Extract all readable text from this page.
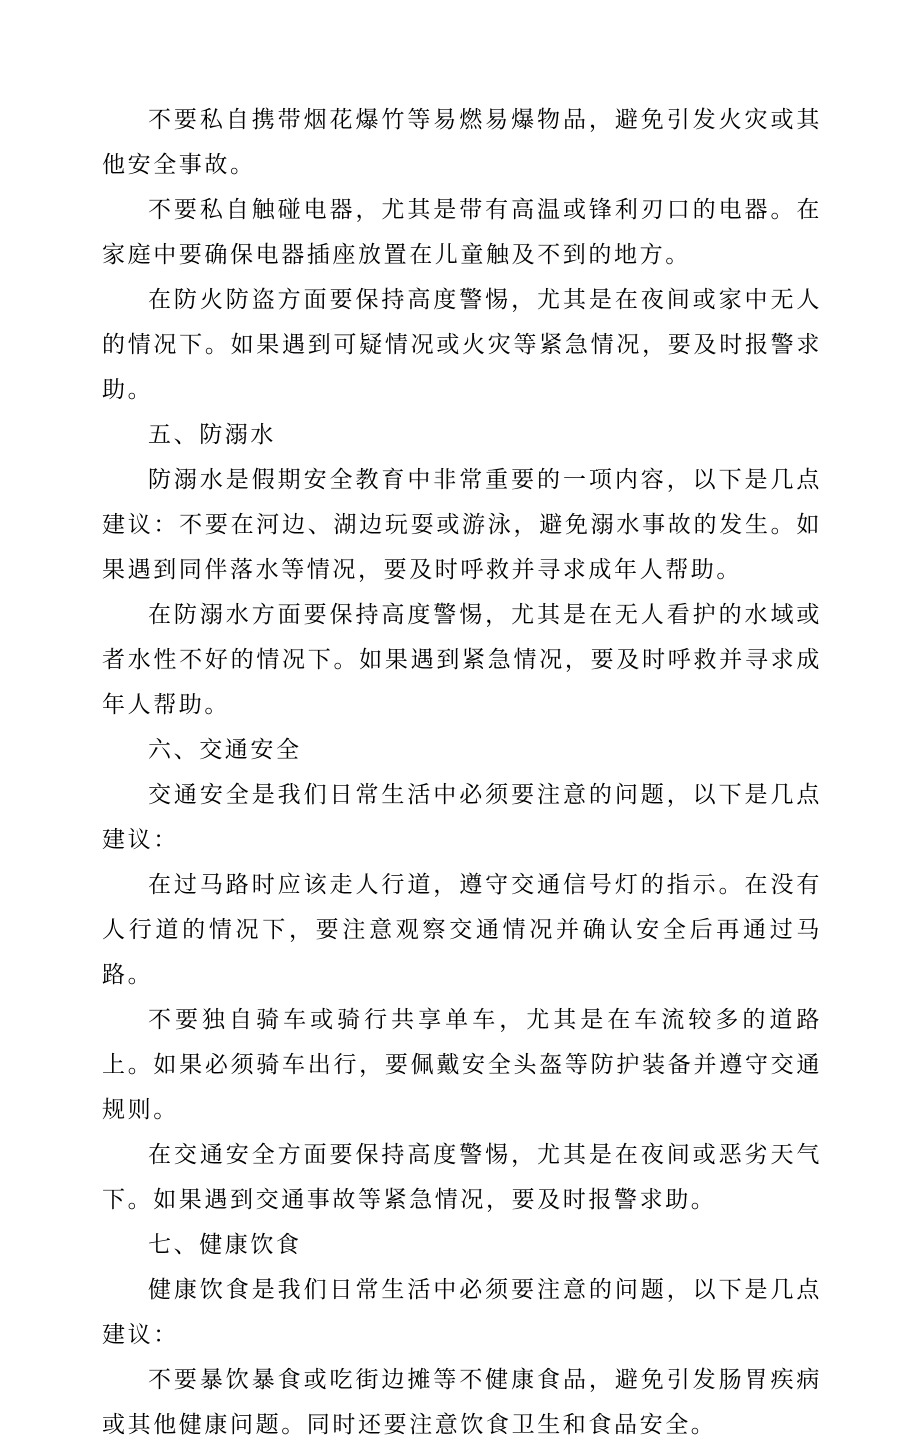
不要私自携带烟花爆竹等易燃易爆物品，避免引发火灾或其他安全事故。

不要私自触碰电器，尤其是带有高温或锋利刃口的电器。在家庭中要确保电器插座放置在儿童触及不到的地方。

在防火防盗方面要保持高度警惕，尤其是在夜间或家中无人的情况下。如果遇到可疑情况或火灾等紧急情况，要及时报警求助。

五、防溺水

防溺水是假期安全教育中非常重要的一项内容，以下是几点建议：不要在河边、湖边玩耍或游泳，避免溺水事故的发生。如果遇到同伴落水等情况，要及时呼救并寻求成年人帮助。

在防溺水方面要保持高度警惕，尤其是在无人看护的水域或者水性不好的情况下。如果遇到紧急情况，要及时呼救并寻求成年人帮助。

六、交通安全

交通安全是我们日常生活中必须要注意的问题，以下是几点建议：

在过马路时应该走人行道，遵守交通信号灯的指示。在没有人行道的情况下，要注意观察交通情况并确认安全后再通过马路。

不要独自骑车或骑行共享单车，尤其是在车流较多的道路上。如果必须骑车出行，要佩戴安全头盔等防护装备并遵守交通规则。

在交通安全方面要保持高度警惕，尤其是在夜间或恶劣天气下。如果遇到交通事故等紧急情况，要及时报警求助。

七、健康饮食

健康饮食是我们日常生活中必须要注意的问题，以下是几点建议：

不要暴饮暴食或吃街边摊等不健康食品，避免引发肠胃疾病或其他健康问题。同时还要注意饮食卫生和食品安全。
